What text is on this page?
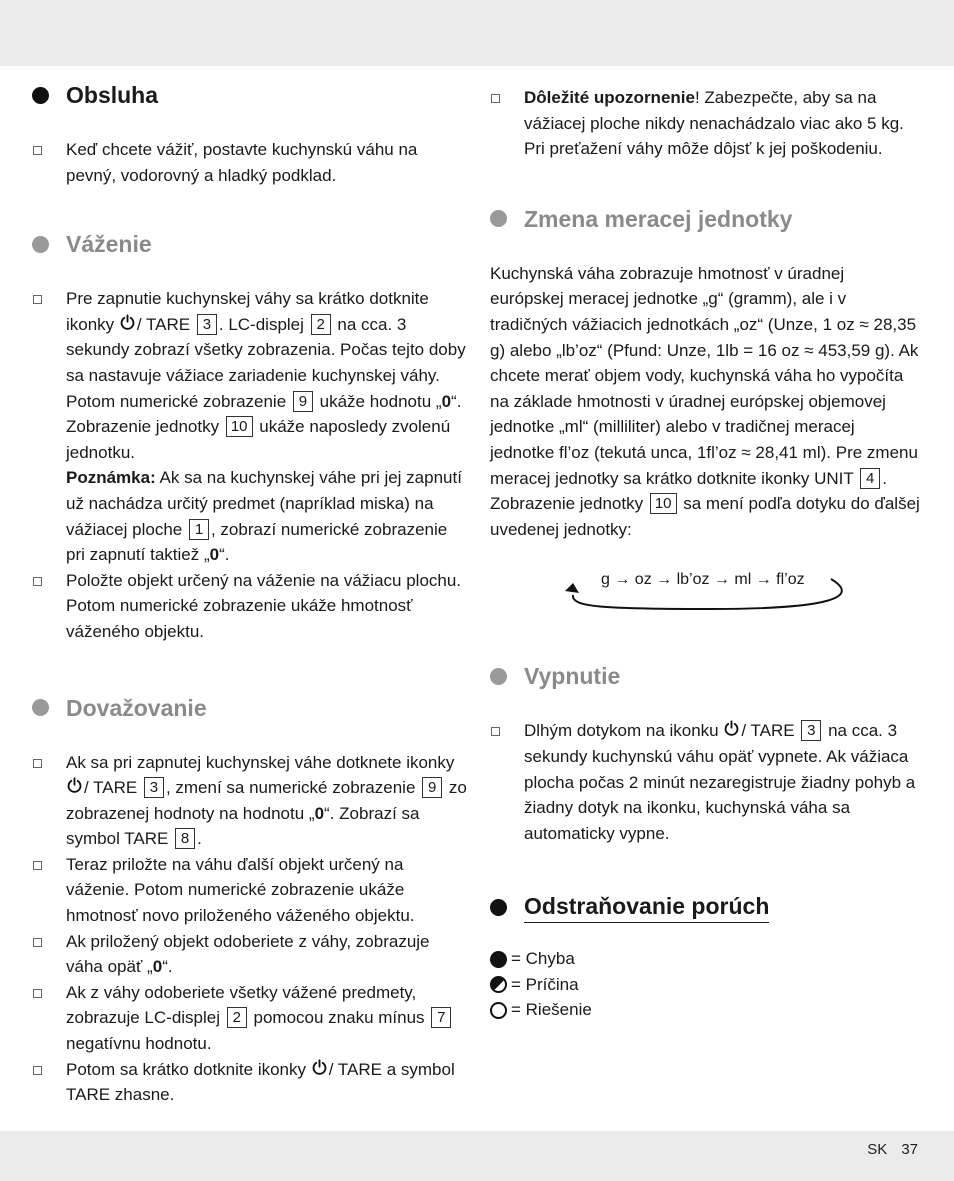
Obsluha
Keď chcete vážiť, postavte kuchynskú váhu na pevný, vodorovný a hladký podklad.
Váženie
Pre zapnutie kuchynskej váhy sa krátko dotknite ikonky / TARE 3 . LC-displej 2 na cca. 3 sekundy zobrazí všetky zobrazenia. Počas tejto doby sa nastavuje vážiace zariadenie kuchynskej váhy. Potom numerické zobrazenie 9 ukáže hodnotu „0“. Zobrazenie jednotky 10 ukáže naposledy zvolenú jednotku.
Poznámka: Ak sa na kuchynskej váhe pri jej zapnutí už nachádza určitý predmet (napríklad miska) na vážiacej ploche 1 , zobrazí numerické zobrazenie pri zapnutí taktiež „0“.
Položte objekt určený na váženie na vážiacu plochu. Potom numerické zobrazenie ukáže hmotnosť váženého objektu.
Dovažovanie
Ak sa pri zapnutej kuchynskej váhe dotknete ikonky / TARE 3 , zmení sa numerické zobrazenie 9 zo zobrazenej hodnoty na hodnotu „0“. Zobrazí sa symbol TARE 8 .
Teraz priložte na váhu ďalší objekt určený na váženie. Potom numerické zobrazenie ukáže hmotnosť novo priloženého váženého objektu.
Ak priložený objekt odoberiete z váhy, zobrazuje váha opäť „0“.
Ak z váhy odoberiete všetky vážené predmety, zobrazuje LC-displej 2 pomocou znaku mínus 7 negatívnu hodnotu.
Potom sa krátko dotknite ikonky / TARE a symbol TARE zhasne.
Dôležité upozornenie! Zabezpečte, aby sa na vážiacej ploche nikdy nenachádzalo viac ako 5 kg. Pri preťažení váhy môže dôjsť k jej poškodeniu.
Zmena meracej jednotky

Kuchynská váha zobrazuje hmotnosť v úradnej európskej meracej jednotke „g“ (gramm), ale i v tradičných vážiacich jednotkách „oz“ (Unze, 1 oz ≈ 28,35 g) alebo „lb’oz“ (Pfund: Unze, 1lb = 16 oz ≈ 453,59 g). Ak chcete merať objem vody, kuchynská váha ho vypočíta na základe hmotnosti v úradnej európskej objemovej jednotke „ml“ (milliliter) alebo v tradičnej meracej jednotke fl’oz (tekutá unca, 1fl’oz ≈ 28,41 ml). Pre zmenu meracej jednotky sa krátko dotknite ikonky UNIT 4 . Zobrazenie jednotky 10 sa mení podľa dotyku do ďalšej uvedenej jednotky:

g → oz → lb’oz → ml → fl’oz
Vypnutie
Dlhým dotykom na ikonku / TARE 3 na cca. 3 sekundy kuchynskú váhu opäť vypnete. Ak vážiaca plocha počas 2 minút nezaregistruje žiadny pohyb a žiadny dotyk na ikonku, kuchynská váha sa automaticky vypne.
Odstraňovanie porúch
= Chyba
= Príčina
= Riešenie
SK 37
